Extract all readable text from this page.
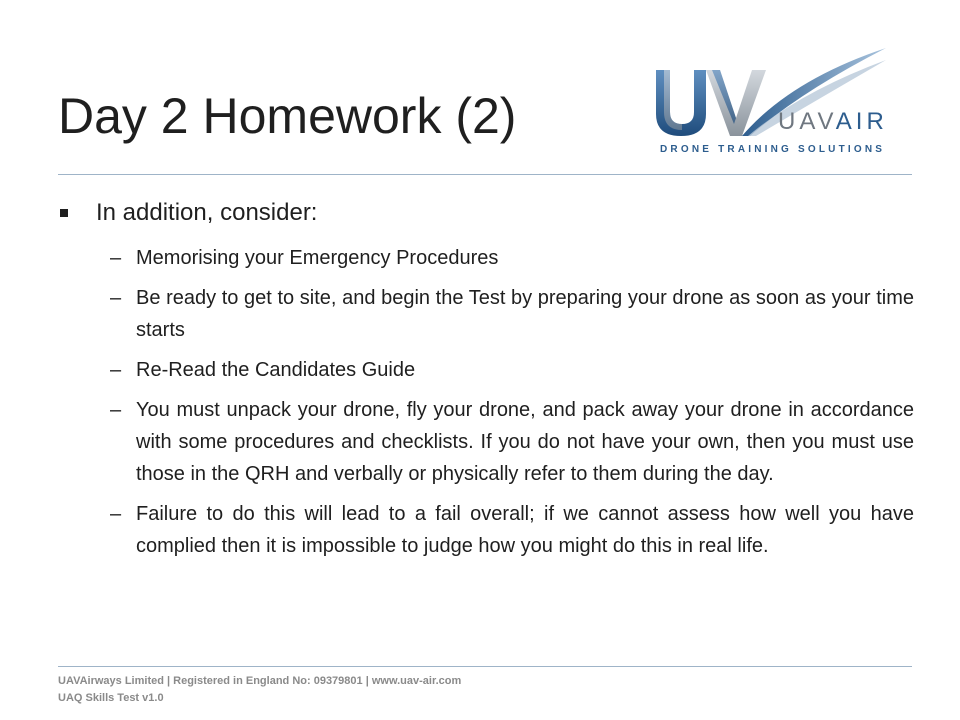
Day 2 Homework (2)	UAVAIR
DRONE TRAINING SOLUTIONS
In addition, consider:
– Memorising your Emergency Procedures
– Be ready to get to site, and begin the Test by preparing your drone as soon as your time starts
– Re-Read the Candidates Guide
– You must unpack your drone, fly your drone, and pack away your drone in accordance with some procedures and checklists. If you do not have your own, then you must use those in the QRH and verbally or physically refer to them during the day.
– Failure to do this will lead to a fail overall; if we cannot assess how well you have complied then it is impossible to judge how you might do this in real life.
UAVAirways Limited | Registered in England No: 09379801 | www.uav-air.com
UAQ Skills Test v1.0
